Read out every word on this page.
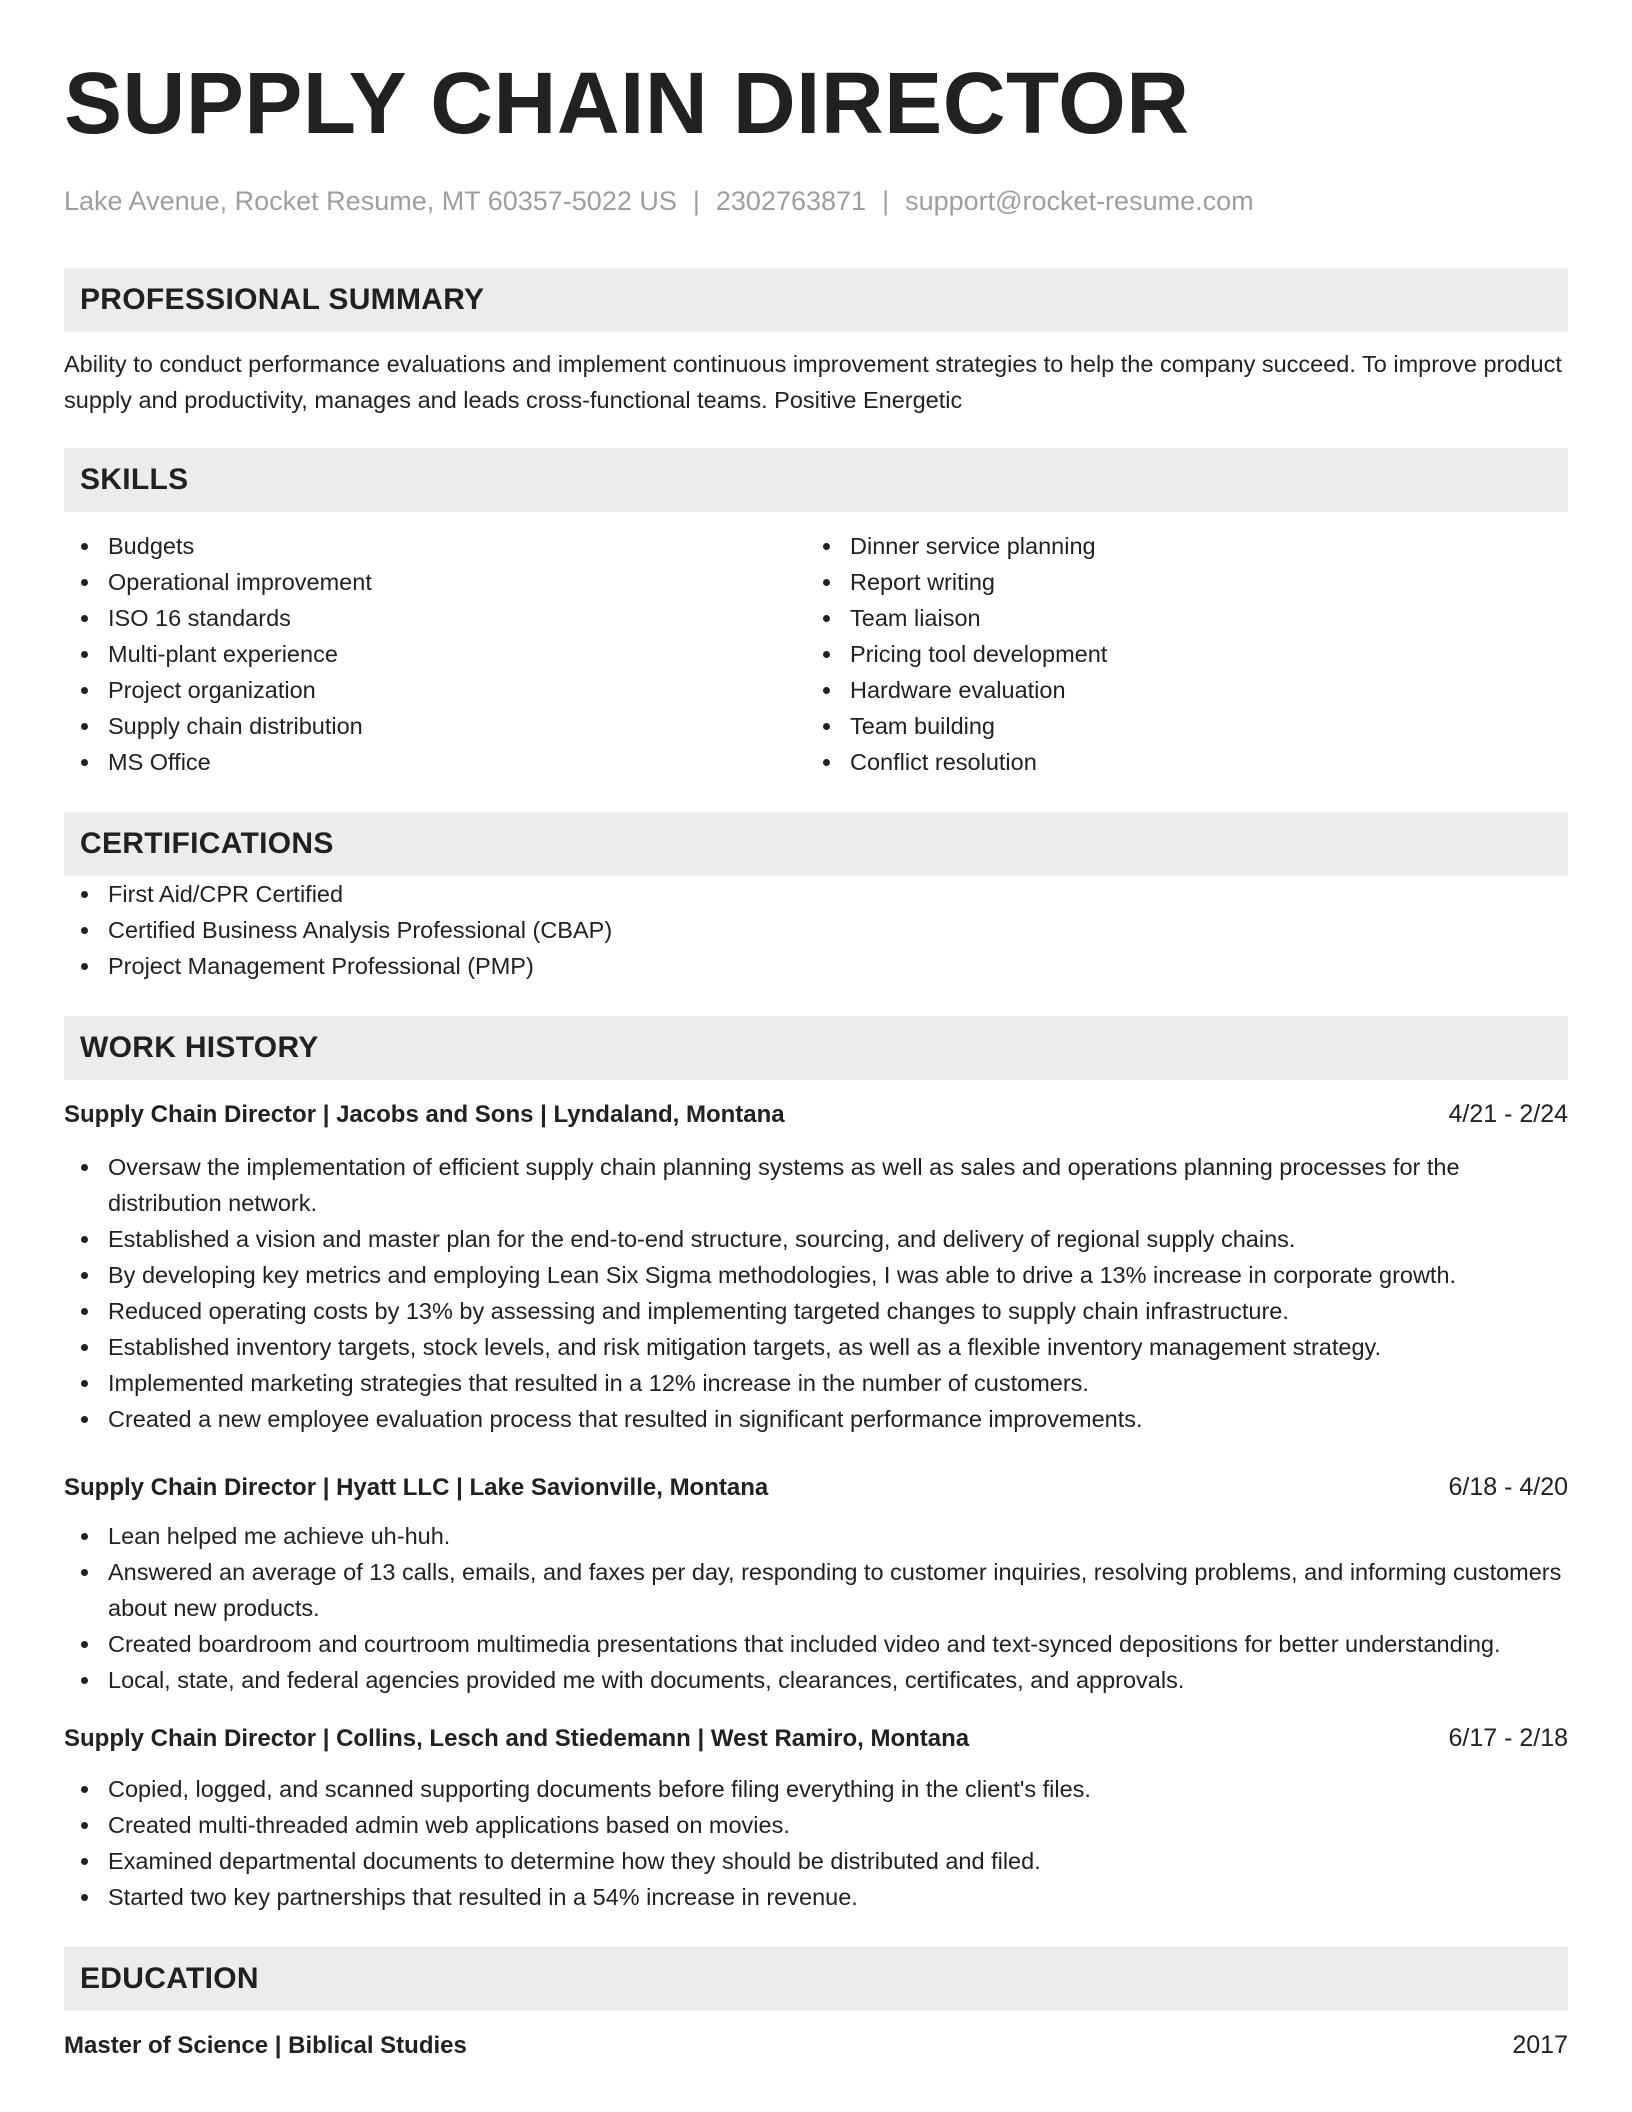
SUPPLY CHAIN DIRECTOR
Lake Avenue, Rocket Resume, MT 60357-5022 US | 2302763871 | support@rocket-resume.com
PROFESSIONAL SUMMARY

Ability to conduct performance evaluations and implement continuous improvement strategies to help the company succeed. To improve product supply and productivity, manages and leads cross-functional teams. Positive Energetic

SKILLS
Budgets
Operational improvement
ISO 16 standards
Multi-plant experience
Project organization
Supply chain distribution
MS Office
Dinner service planning
Report writing
Team liaison
Pricing tool development
Hardware evaluation
Team building
Conflict resolution
CERTIFICATIONS
First Aid/CPR Certified
Certified Business Analysis Professional (CBAP)
Project Management Professional (PMP)
WORK HISTORY
Supply Chain Director | Jacobs and Sons | Lyndaland, Montana	4/21 - 2/24
Oversaw the implementation of efficient supply chain planning systems as well as sales and operations planning processes for the distribution network.
Established a vision and master plan for the end-to-end structure, sourcing, and delivery of regional supply chains.
By developing key metrics and employing Lean Six Sigma methodologies, I was able to drive a 13% increase in corporate growth.
Reduced operating costs by 13% by assessing and implementing targeted changes to supply chain infrastructure.
Established inventory targets, stock levels, and risk mitigation targets, as well as a flexible inventory management strategy.
Implemented marketing strategies that resulted in a 12% increase in the number of customers.
Created a new employee evaluation process that resulted in significant performance improvements.
Supply Chain Director | Hyatt LLC | Lake Savionville, Montana	6/18 - 4/20
Lean helped me achieve uh-huh.
Answered an average of 13 calls, emails, and faxes per day, responding to customer inquiries, resolving problems, and informing customers about new products.
Created boardroom and courtroom multimedia presentations that included video and text-synced depositions for better understanding.
Local, state, and federal agencies provided me with documents, clearances, certificates, and approvals.
Supply Chain Director | Collins, Lesch and Stiedemann | West Ramiro, Montana	6/17 - 2/18
Copied, logged, and scanned supporting documents before filing everything in the client's files.
Created multi-threaded admin web applications based on movies.
Examined departmental documents to determine how they should be distributed and filed.
Started two key partnerships that resulted in a 54% increase in revenue.
EDUCATION
Master of Science | Biblical Studies	2017
